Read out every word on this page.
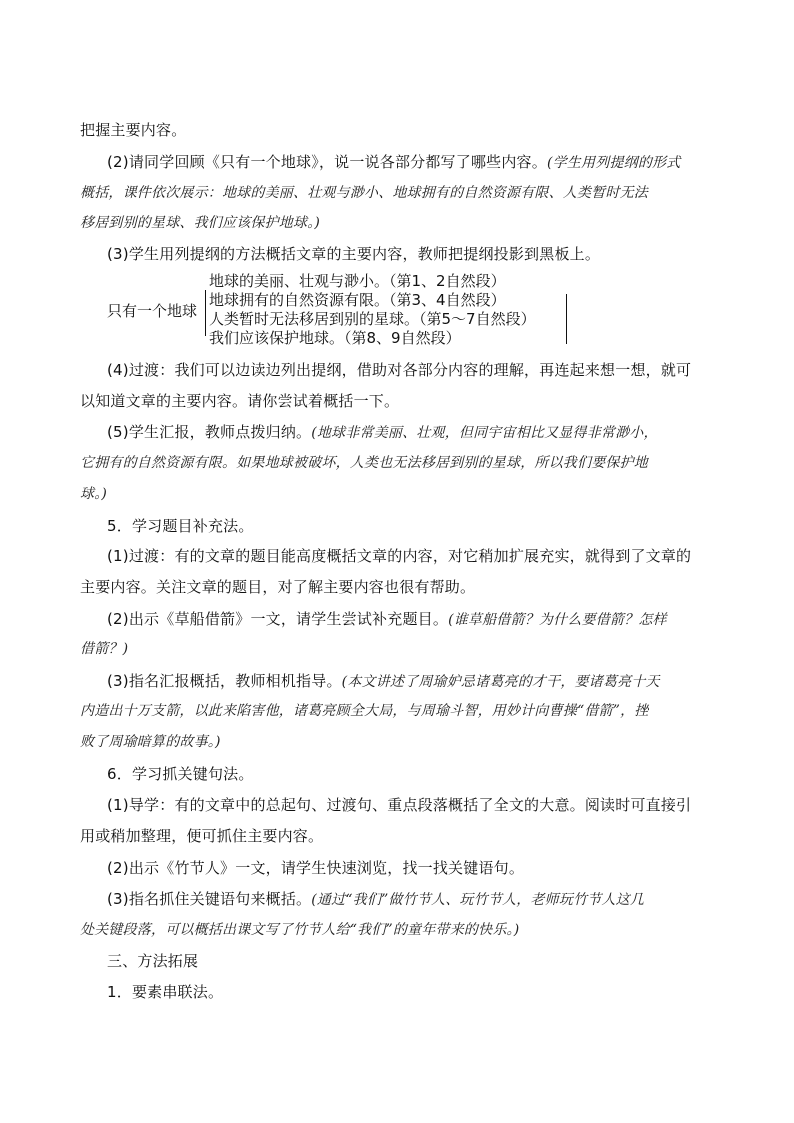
把握主要内容。
(2)请同学回顾《只有一个地球》，说一说各部分都写了哪些内容。(学生用列提纲的形式
概括，课件依次展示：地球的美丽、壮观与渺小、地球拥有的自然资源有限、人类暂时无法
移居到别的星球、我们应该保护地球。)
(3)学生用列提纲的方法概括文章的主要内容，教师把提纲投影到黑板上。
只有一个地球
地球的美丽、壮观与渺小。（第1、2自然段）
地球拥有的自然资源有限。（第3、4自然段）
人类暂时无法移居到别的星球。（第5～7自然段）
我们应该保护地球。（第8、9自然段）
(4)过渡：我们可以边读边列出提纲，借助对各部分内容的理解，再连起来想一想，就可
以知道文章的主要内容。请你尝试着概括一下。
(5)学生汇报，教师点拨归纳。(地球非常美丽、壮观，但同宇宙相比又显得非常渺小，
它拥有的自然资源有限。如果地球被破坏，人类也无法移居到别的星球，所以我们要保护地
球。)
5．学习题目补充法。
(1)过渡：有的文章的题目能高度概括文章的内容，对它稍加扩展充实，就得到了文章的
主要内容。关注文章的题目，对了解主要内容也很有帮助。
(2)出示《草船借箭》一文，请学生尝试补充题目。(谁草船借箭？为什么要借箭？怎样
借箭？)
(3)指名汇报概括，教师相机指导。(本文讲述了周瑜妒忌诸葛亮的才干，要诸葛亮十天
内造出十万支箭，以此来陷害他，诸葛亮顾全大局，与周瑜斗智，用妙计向曹操“借箭”，挫
败了周瑜暗算的故事。)
6．学习抓关键句法。
(1)导学：有的文章中的总起句、过渡句、重点段落概括了全文的大意。阅读时可直接引
用或稍加整理，便可抓住主要内容。
(2)出示《竹节人》一文，请学生快速浏览，找一找关键语句。
(3)指名抓住关键语句来概括。(通过“我们”做竹节人、玩竹节人，老师玩竹节人这几
处关键段落，可以概括出课文写了竹节人给“我们”的童年带来的快乐。)
三、方法拓展
1．要素串联法。
